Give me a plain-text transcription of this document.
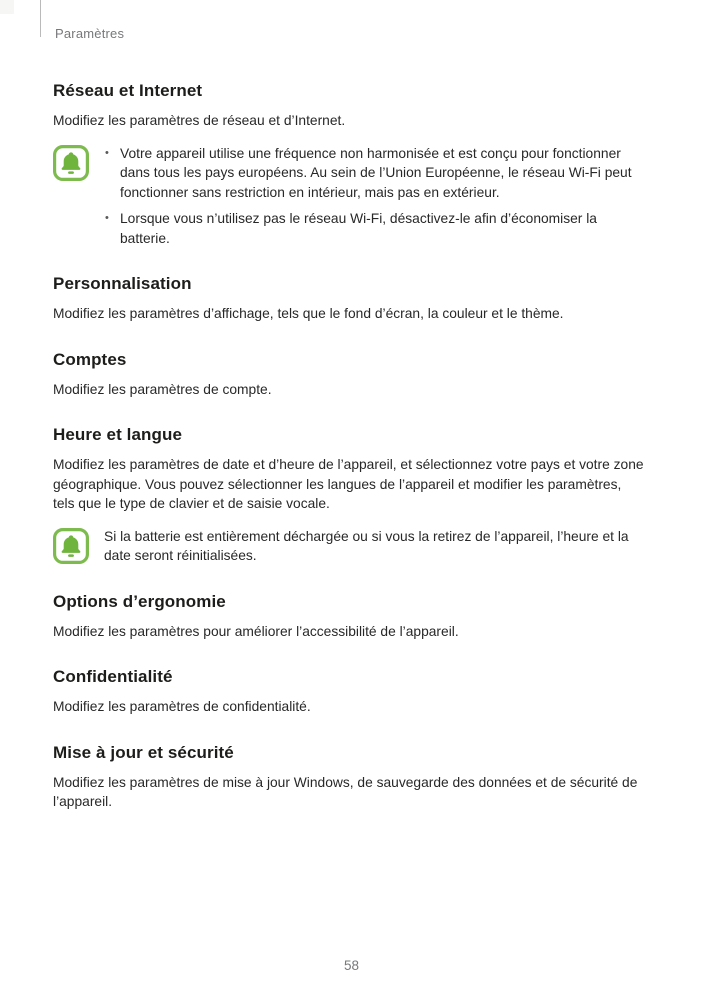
Paramètres
Réseau et Internet

Modifiez les paramètres de réseau et d’Internet.

• Votre appareil utilise une fréquence non harmonisée et est conçu pour fonctionner dans tous les pays européens. Au sein de l’Union Européenne, le réseau Wi-Fi peut fonctionner sans restriction en intérieur, mais pas en extérieur.
• Lorsque vous n’utilisez pas le réseau Wi-Fi, désactivez-le afin d’économiser la batterie.
Personnalisation

Modifiez les paramètres d’affichage, tels que le fond d’écran, la couleur et le thème.

Comptes

Modifiez les paramètres de compte.

Heure et langue

Modifiez les paramètres de date et d’heure de l’appareil, et sélectionnez votre pays et votre zone géographique. Vous pouvez sélectionner les langues de l’appareil et modifier les paramètres, tels que le type de clavier et de saisie vocale.

Si la batterie est entièrement déchargée ou si vous la retirez de l’appareil, l’heure et la date seront réinitialisées.

Options d’ergonomie

Modifiez les paramètres pour améliorer l’accessibilité de l’appareil.

Confidentialité

Modifiez les paramètres de confidentialité.

Mise à jour et sécurité

Modifiez les paramètres de mise à jour Windows, de sauvegarde des données et de sécurité de l’appareil.

58
